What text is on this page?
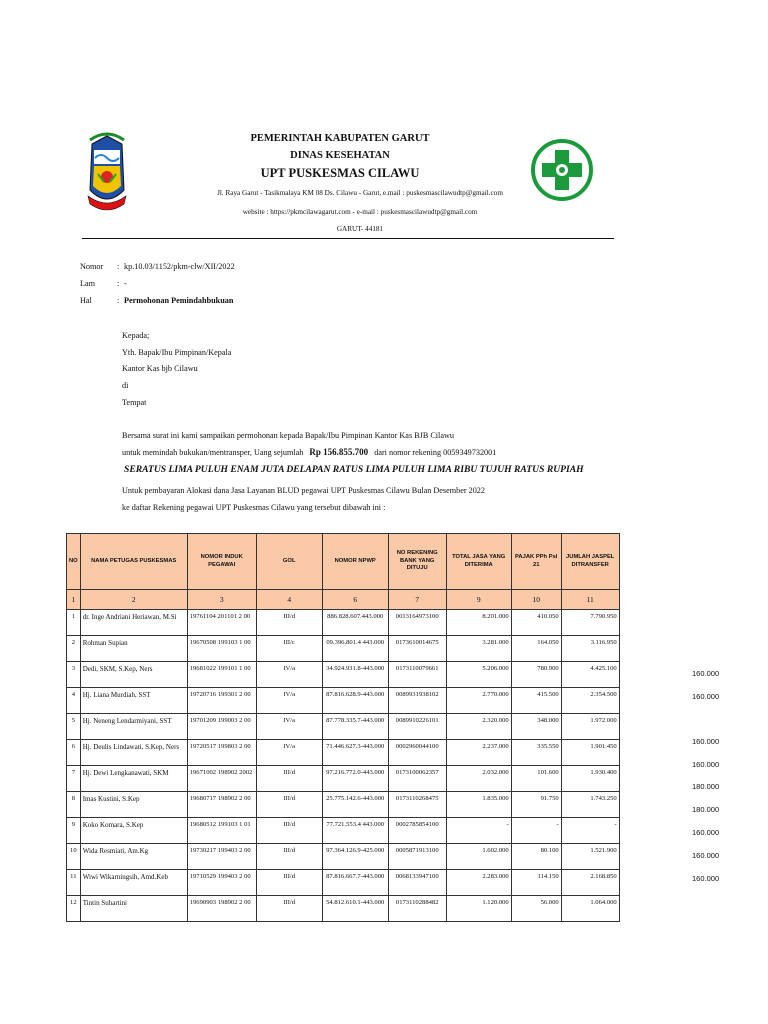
PEMERINTAH KABUPATEN GARUT
DINAS KESEHATAN
UPT PUSKESMAS CILAWU
Jl. Raya Garut - Tasikmalaya KM 08 Ds. Cilawu - Garut, e.mail : puskesmascilawudtp@gmail.com
website : https://pkmcilawagarut.com - e-mail : puskesmascilawudtp@gmail.com
GARUT- 44181
Nomor : kp.10.03/1152/pkm-clw/XII/2022
Lam	: -
Hal	: Permohonan Pemindahbukuan
Kepada;
Yth. Bapak/Ibu Pimpinan/Kepala
Kantor Kas bjb Cilawu
di
Tempat
Bersama surat ini kami sampaikan permohonan kepada Bapak/Ibu Pimpinan Kantor Kas BJB Cilawu
untuk memindah bukukan/mentransper, Uang sejumlah Rp 156.855.700 dari nomor rekening 0059349732001
SERATUS LIMA PULUH ENAM JUTA DELAPAN RATUS LIMA PULUH LIMA RIBU TUJUH RATUS RUPIAH
Untuk pembayaran Alokasi dana Jasa Layanan BLUD pegawai UPT Puskesmas Cilawu Bulan Desember 2022
ke daftar Rekening pegawai UPT Puskesmas Cilawu yang tersebut dibawah ini :
NO	NAMA PETUGAS PUSKESMAS	NOMOR INDUK PEGAWAI	GOL	NOMOR NPWP	NO REKENING BANK YANG DITUJU	TOTAL JASA YANG DITERIMA	PAJAK PPh Psl 21	JUMLAH JASPEL DITRANSFER
1	2	3	4	6	7	9	10	11
1	dr. Inge Andriani Heriawan, M.Si	19761104 201101 2 00	III/d	886.828.607.443.000	0013164973100	8.201.000	410.050	7.790.950
2	Rohman Supian	19670508 199103 1 00	III/c	09.396.801.4 443.000	0173610014675	3.281.000	164.050	3.116.950
3	Dedi, SKM, S.Kep, Ners	19681022 199101 1 00	IV/a	34.924.931.8-443.000	0173110079661	5.206.000	780.900	4.425.100
4	Hj. Liana Murdiah, SST	19720716 199301 2 00	IV/a	87.816.628.9-443.000	0089931938102	2.770.000	415.500	2.354.500
5	Hj. Neneng Lendarmiyani, SST	19701209 199003 2 00	IV/a	87.778.335.7-443.000	0089910226101	2.320.000	348.000	1.972.000
6	Hj. Deulis Lindawati, S.Kep, Ners	19720517 199803 2 00	IV/a	71.446.627.3-443.000	0002960044100	2.237.000	335.550	1.901.450
7	Hj. Dewi Lengkanawati, SKM	19671002 198902 2002	III/d	97.216.772.0-443.000	0173100062357	2.032.000	101.600	1.930.400
8	Imas Kustini, S.Kep	19680717 198902 2 00	III/d	25.775.142.6-443.000	0173110268475	1.835.000	91.750	1.743.250
9	Koko Komara, S.Kep	19680512 199103 1 01	III/d	77.721.553.4 443.000	0002785854100	-	-	-
10	Wida Resmiati, Am.Kg	19730217 199403 2 00	III/d	97.364.126.9-425.000	0005871913100	1.602.000	80.100	1.521.900
11	Wiwi Wikarningsih, Amd.Keb	19710529 199403 2 00	III/d	87.816.667.7-443.000	0068133947100	2.283.000	114.150	2.168.850
12	Tintin Suhartini	19690903 198902 2 00	III/d	54.812.610.1-443.000	0173110288482	1.120.000	56.000	1.064.000
160.000
160.000
160.000
160.000
180.000
180.000
160.000
160.000
160.000
